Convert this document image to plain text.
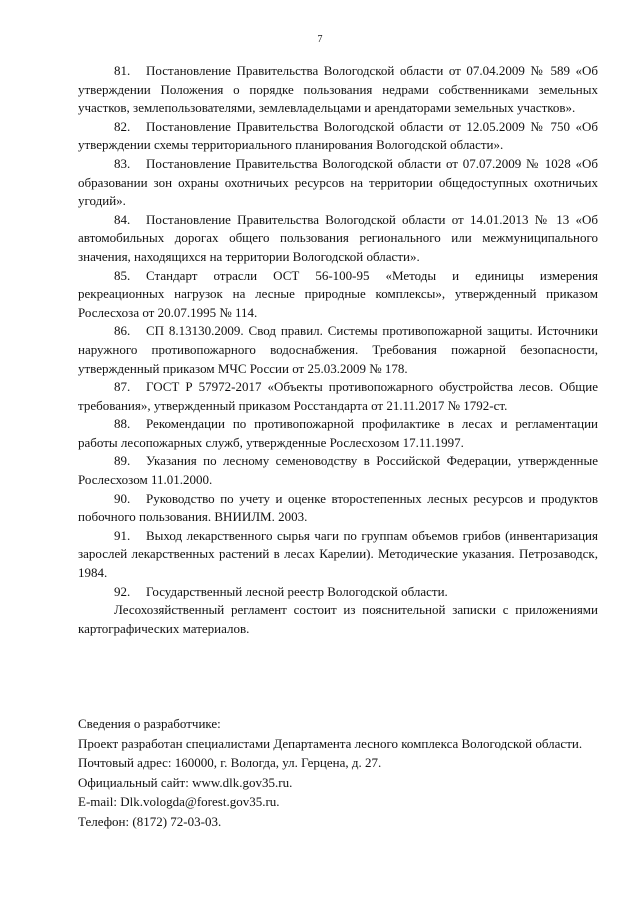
7

81. Постановление Правительства Вологодской области от 07.04.2009 № 589 «Об утверждении Положения о порядке пользования недрами собственниками земельных участков, землепользователями, землевладельцами и арендаторами земельных участков».

82. Постановление Правительства Вологодской области от 12.05.2009 № 750 «Об утверждении схемы территориального планирования Вологодской области».

83. Постановление Правительства Вологодской области от 07.07.2009 № 1028 «Об образовании зон охраны охотничьих ресурсов на территории общедоступных охотничьих угодий».

84. Постановление Правительства Вологодской области от 14.01.2013 № 13 «Об автомобильных дорогах общего пользования регионального или межмуниципального значения, находящихся на территории Вологодской области».

85. Стандарт отрасли ОСТ 56-100-95 «Методы и единицы измерения рекреационных нагрузок на лесные природные комплексы», утвержденный приказом Рослесхоза от 20.07.1995 № 114.

86. СП 8.13130.2009. Свод правил. Системы противопожарной защиты. Источники наружного противопожарного водоснабжения. Требования пожарной безопасности, утвержденный приказом МЧС России от 25.03.2009 № 178.

87. ГОСТ Р 57972-2017 «Объекты противопожарного обустройства лесов. Общие требования», утвержденный приказом Росстандарта от 21.11.2017 № 1792-ст.

88. Рекомендации по противопожарной профилактике в лесах и регламентации работы лесопожарных служб, утвержденные Рослесхозом 17.11.1997.

89. Указания по лесному семеноводству в Российской Федерации, утвержденные Рослесхозом 11.01.2000.

90. Руководство по учету и оценке второстепенных лесных ресурсов и продуктов побочного пользования. ВНИИЛМ. 2003.

91. Выход лекарственного сырья чаги по группам объемов грибов (инвентаризация зарослей лекарственных растений в лесах Карелии). Методические указания. Петрозаводск, 1984.

92. Государственный лесной реестр Вологодской области.

Лесохозяйственный регламент состоит из пояснительной записки с приложениями картографических материалов.

Сведения о разработчике:

Проект разработан специалистами Департамента лесного комплекса Вологодской области.

Почтовый адрес: 160000, г. Вологда, ул. Герцена, д. 27.

Официальный сайт: www.dlk.gov35.ru.

E-mail: Dlk.vologda@forest.gov35.ru.

Телефон: (8172) 72-03-03.
